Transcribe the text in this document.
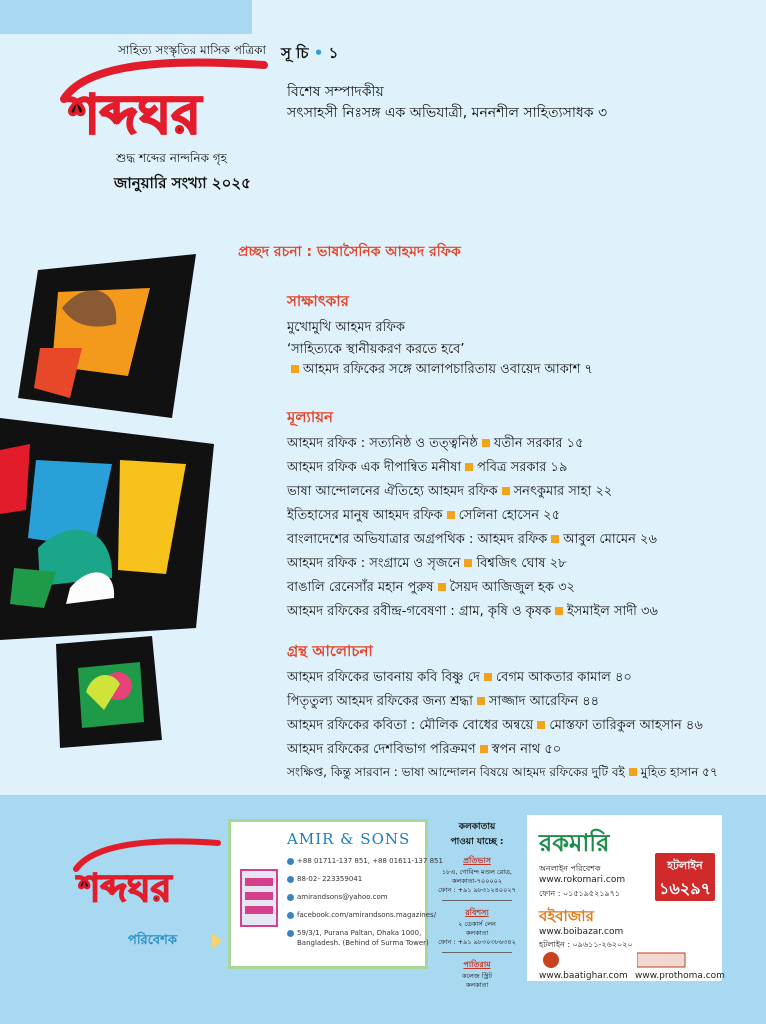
সাহিত্য সংস্কৃতির মাসিক পত্রিকা
শব্দঘর
শুদ্ধ শব্দের নান্দনিক গৃহ
জানুয়ারি সংখ্যা ২০২৫
সূ চি • ১
বিশেষ সম্পাদকীয়
সৎসাহসী নিঃসঙ্গ এক অভিযাত্রী, মননশীল সাহিত্যসাধক ৩
প্রচ্ছদ রচনা : ভাষাসৈনিক আহমদ রফিক
সাক্ষাৎকার
মুখোমুখি আহমদ রফিক
‘সাহিত্যকে স্থানীয়করণ করতে হবে’
আহমদ রফিকের সঙ্গে আলাপচারিতায় ওবায়েদ আকাশ ৭
মূল্যায়ন
আহমদ রফিক : সত্যনিষ্ঠ ও তত্ত্বনিষ্ঠ যতীন সরকার ১৫
আহমদ রফিক এক দীপান্বিত মনীষা পবিত্র সরকার ১৯
ভাষা আন্দোলনের ঐতিহ্যে আহমদ রফিক সনৎকুমার সাহা ২২
ইতিহাসের মানুষ আহমদ রফিক সেলিনা হোসেন ২৫
বাংলাদেশের অভিযাত্রার অগ্রপথিক : আহমদ রফিক আবুল মোমেন ২৬
আহমদ রফিক : সংগ্রামে ও সৃজনে বিশ্বজিৎ ঘোষ ২৮
বাঙালি রেনেসাঁর মহান পুরুষ সৈয়দ আজিজুল হক ৩২
আহমদ রফিকের রবীন্দ্র-গবেষণা : গ্রাম, কৃষি ও কৃষক ইসমাইল সাদী ৩৬
গ্রন্থ আলোচনা
আহমদ রফিকের ভাবনায় কবি বিষ্ণু দে বেগম আকতার কামাল ৪০
পিতৃতুল্য আহমদ রফিকের জন্য শ্রদ্ধা সাজ্জাদ আরেফিন ৪৪
আহমদ রফিকের কবিতা : মৌলিক বোধের অন্বয়ে মোস্তফা তারিকুল আহসান ৪৬
আহমদ রফিকের দেশবিভাগ পরিক্রমণ স্বপন নাথ ৫০
সংক্ষিপ্ত, কিন্তু সারবান : ভাষা আন্দোলন বিষয়ে আহমদ রফিকের দুটি বই মুহিত হাসান ৫৭
শব্দঘর
পরিবেশক
AMIR & SONS
+88 01711-137 851, +88 01611-137 851
88-02- 223359041
amirandsons@yahoo.com
facebook.com/amirandsons.magazines/
59/3/1, Purana Paltan, Dhaka 1000,
Bangladesh. (Behind of Surma Tower)
কলকাতায়
পাওয়া যাচ্ছে :
প্রতিভাস
১৮এ, গোবিন্দ মণ্ডল রোড,
কলকাতা-৭০০০০২
ফোন : +৯১ ৯৮৩১২৪০০২৭
রবিশস্য
২ ডেকার্স লেন
কলকাতা
ফোন : +৯১ ৯৮৩০৩৮৬৩৪২
পাতিরাম
কলেজ স্ট্রিট
কলকাতা
রকমারি
অনলাইন পরিবেশক
www.rokomari.com
ফোন : ০১৫১৯৫২১৯৭১
হটলাইন
১৬২৯৭
বইবাজার
www.boibazar.com
হটলাইন : ০৯৬১১-২৬২০২০
www.baatighar.com www.prothoma.com
